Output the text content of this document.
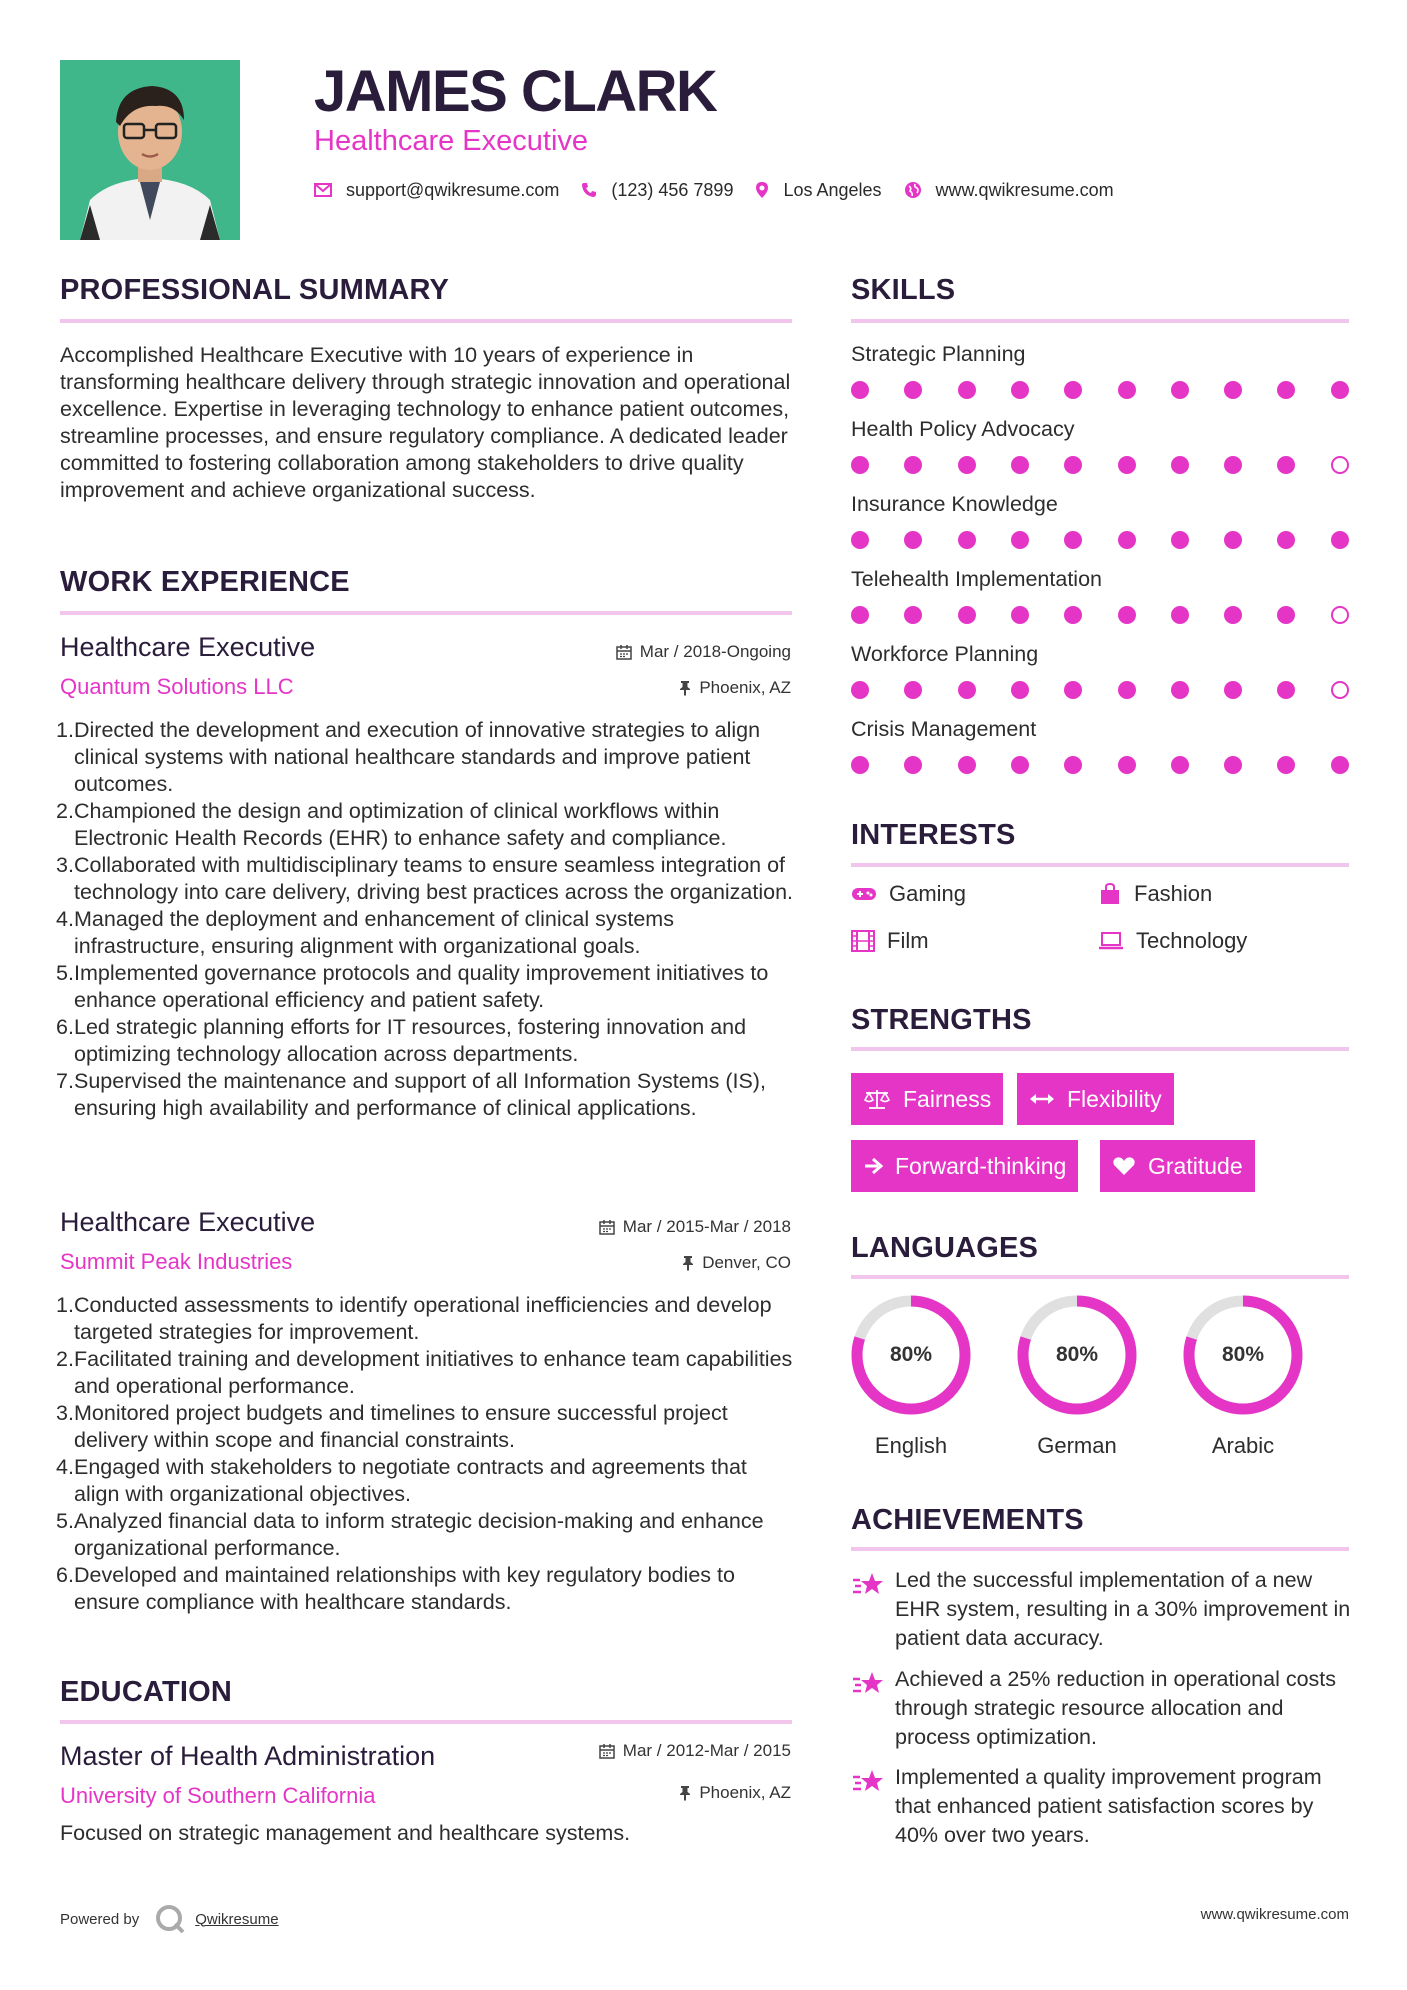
JAMES CLARK
Healthcare Executive
support@qwikresume.com	(123) 456 7899	Los Angeles	www.qwikresume.com
PROFESSIONAL SUMMARY
Accomplished Healthcare Executive with 10 years of experience in transforming healthcare delivery through strategic innovation and operational excellence. Expertise in leveraging technology to enhance patient outcomes, streamline processes, and ensure regulatory compliance. A dedicated leader committed to fostering collaboration among stakeholders to drive quality improvement and achieve organizational success.
WORK EXPERIENCE
Healthcare Executive	Mar / 2018-Ongoing
Quantum Solutions LLC	Phoenix, AZ
1. Directed the development and execution of innovative strategies to align clinical systems with national healthcare standards and improve patient outcomes.
2. Championed the design and optimization of clinical workflows within Electronic Health Records (EHR) to enhance safety and compliance.
3. Collaborated with multidisciplinary teams to ensure seamless integration of technology into care delivery, driving best practices across the organization.
4. Managed the deployment and enhancement of clinical systems infrastructure, ensuring alignment with organizational goals.
5. Implemented governance protocols and quality improvement initiatives to enhance operational efficiency and patient safety.
6. Led strategic planning efforts for IT resources, fostering innovation and optimizing technology allocation across departments.
7. Supervised the maintenance and support of all Information Systems (IS), ensuring high availability and performance of clinical applications.
Healthcare Executive	Mar / 2015-Mar / 2018
Summit Peak Industries	Denver, CO
1. Conducted assessments to identify operational inefficiencies and develop targeted strategies for improvement.
2. Facilitated training and development initiatives to enhance team capabilities and operational performance.
3. Monitored project budgets and timelines to ensure successful project delivery within scope and financial constraints.
4. Engaged with stakeholders to negotiate contracts and agreements that align with organizational objectives.
5. Analyzed financial data to inform strategic decision-making and enhance organizational performance.
6. Developed and maintained relationships with key regulatory bodies to ensure compliance with healthcare standards.
EDUCATION
Master of Health Administration	Mar / 2012-Mar / 2015
University of Southern California	Phoenix, AZ
Focused on strategic management and healthcare systems.
SKILLS
Strategic Planning
Health Policy Advocacy
Insurance Knowledge
Telehealth Implementation
Workforce Planning
Crisis Management
INTERESTS
Gaming	Fashion
Film	Technology
STRENGTHS
Fairness	Flexibility
Forward-thinking	Gratitude
LANGUAGES
80%
English
80%
German
80%
Arabic
ACHIEVEMENTS
Led the successful implementation of a new EHR system, resulting in a 30% improvement in patient data accuracy.
Achieved a 25% reduction in operational costs through strategic resource allocation and process optimization.
Implemented a quality improvement program that enhanced patient satisfaction scores by 40% over two years.
Powered by	Qwikresume	www.qwikresume.com
